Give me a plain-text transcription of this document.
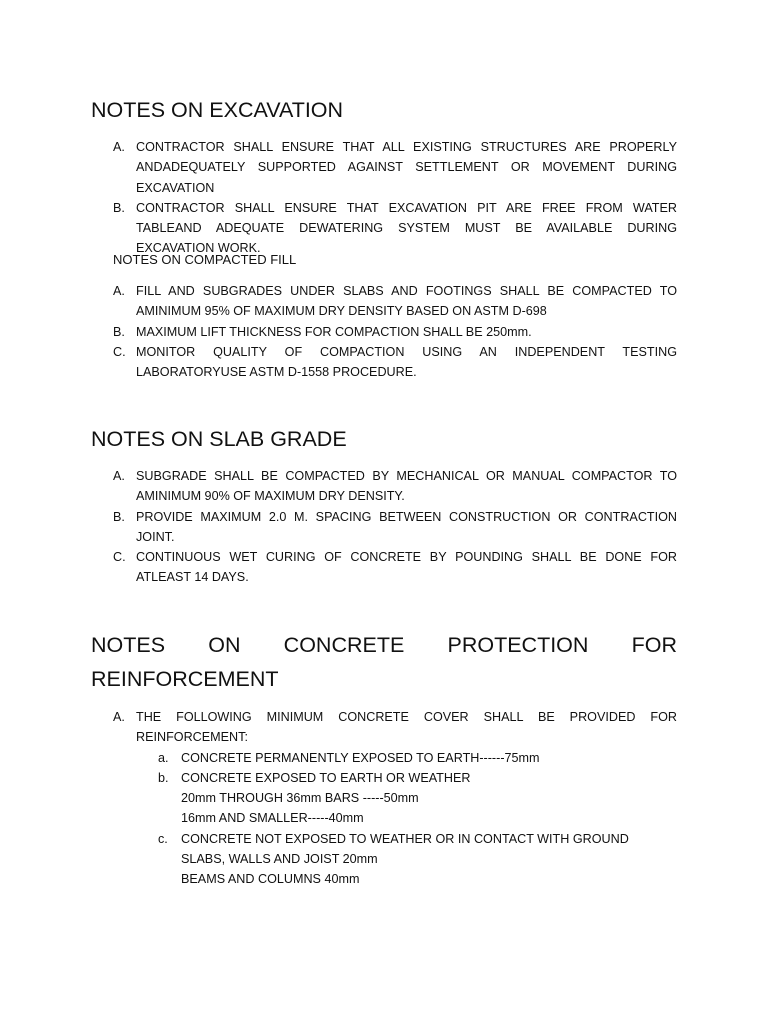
NOTES ON EXCAVATION
A. CONTRACTOR SHALL ENSURE THAT ALL EXISTING STRUCTURES ARE PROPERLY ANDADEQUATELY SUPPORTED AGAINST SETTLEMENT OR MOVEMENT DURING EXCAVATION
B. CONTRACTOR SHALL ENSURE THAT EXCAVATION PIT ARE FREE FROM WATER TABLEAND ADEQUATE DEWATERING SYSTEM MUST BE AVAILABLE DURING EXCAVATION WORK.

NOTES ON COMPACTED FILL

A. FILL AND SUBGRADES UNDER SLABS AND FOOTINGS SHALL BE COMPACTED TO AMINIMUM 95% OF MAXIMUM DRY DENSITY BASED ON ASTM D-698
B. MAXIMUM LIFT THICKNESS FOR COMPACTION SHALL BE 250mm.
C. MONITOR QUALITY OF COMPACTION USING AN INDEPENDENT TESTING LABORATORYUSE ASTM D-1558 PROCEDURE.
NOTES ON SLAB GRADE
A. SUBGRADE SHALL BE COMPACTED BY MECHANICAL OR MANUAL COMPACTOR TO AMINIMUM 90% OF MAXIMUM DRY DENSITY.
B. PROVIDE MAXIMUM 2.0 M. SPACING BETWEEN CONSTRUCTION OR CONTRACTION JOINT.
C. CONTINUOUS WET CURING OF CONCRETE BY POUNDING SHALL BE DONE FOR ATLEAST 14 DAYS.
NOTES ON CONCRETE PROTECTION FOR
REINFORCEMENT
A. THE FOLLOWING MINIMUM CONCRETE COVER SHALL BE PROVIDED FOR REINFORCEMENT:
a. CONCRETE PERMANENTLY EXPOSED TO EARTH------75mm
b. CONCRETE EXPOSED TO EARTH OR WEATHER
20mm THROUGH 36mm BARS -----50mm
16mm AND SMALLER-----40mm
c. CONCRETE NOT EXPOSED TO WEATHER OR IN CONTACT WITH GROUND
SLABS, WALLS AND JOIST 20mm
BEAMS AND COLUMNS 40mm
